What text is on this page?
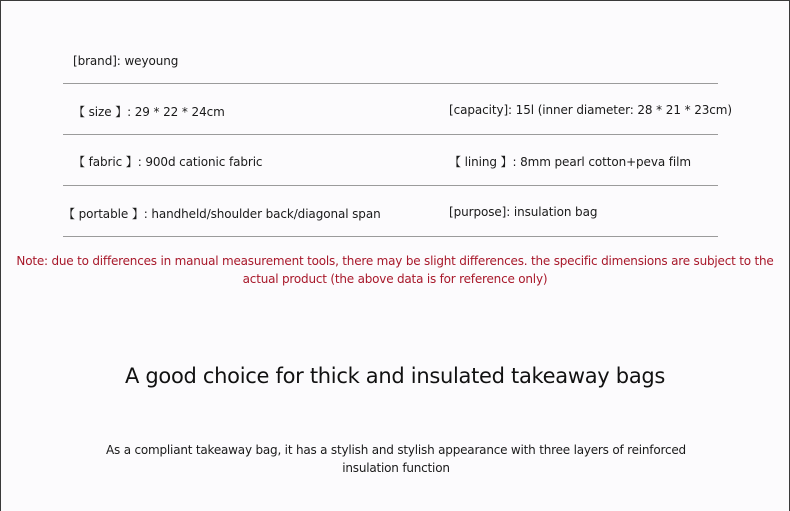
[brand]: weyoung
【 size 】: 29 * 22 * 24cm	[capacity]: 15l (inner diameter: 28 * 21 * 23cm)
【 fabric 】: 900d cationic fabric	【 lining 】: 8mm pearl cotton+peva film
【 portable 】: handheld/shoulder back/diagonal span	[purpose]: insulation bag
Note: due to differences in manual measurement tools, there may be slight differences. the specific dimensions are subject to the actual product (the above data is for reference only)
A good choice for thick and insulated takeaway bags
As a compliant takeaway bag, it has a stylish and stylish appearance with three layers of reinforced insulation function
